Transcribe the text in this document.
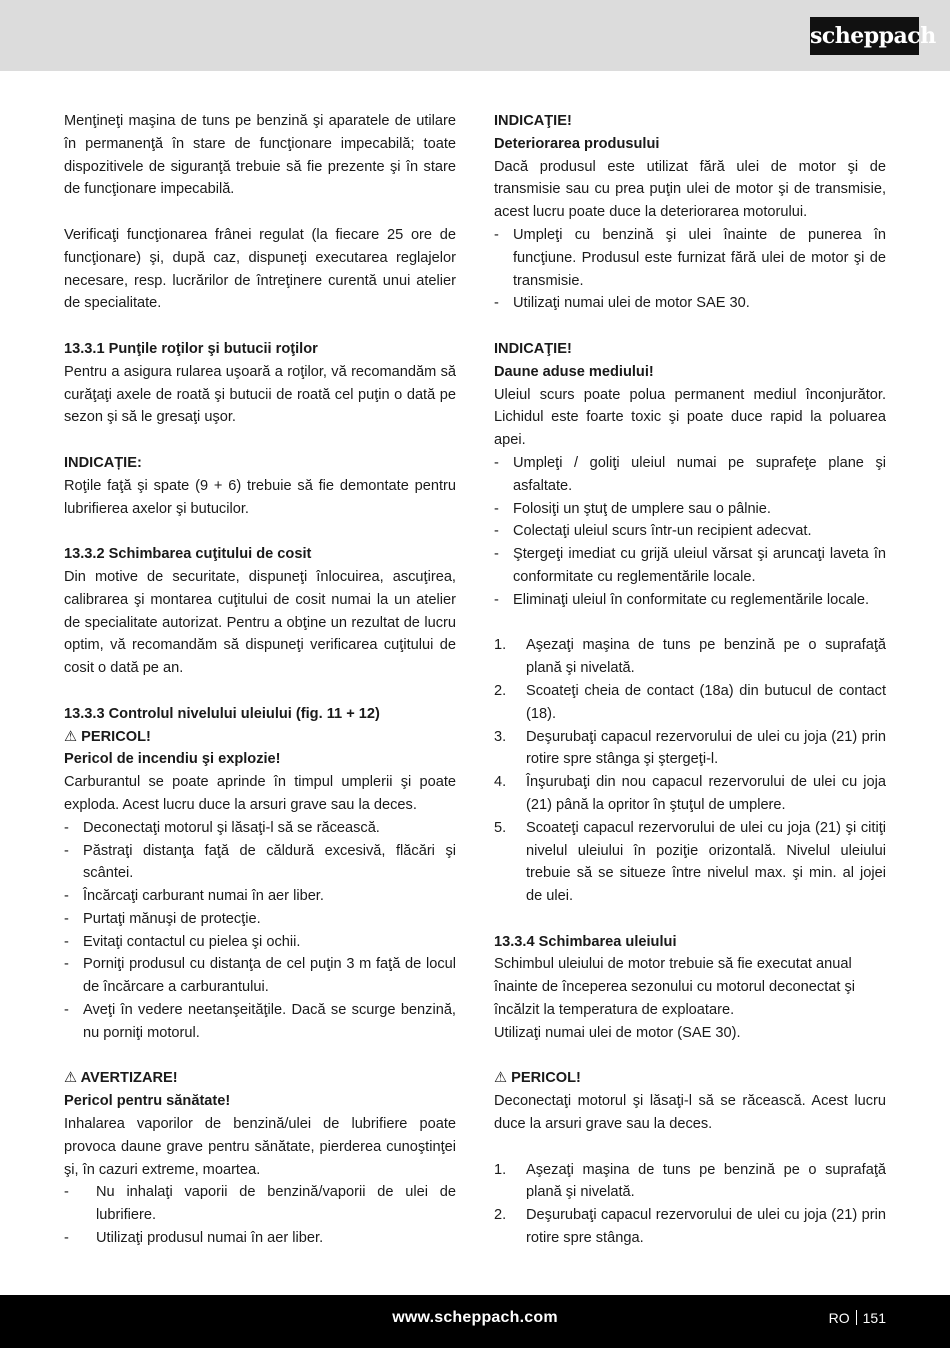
scheppach

Menţineţi maşina de tuns pe benzină şi aparatele de utilare în permanenţă în stare de funcţionare impecabilă; toate dispozitivele de siguranţă trebuie să fie prezente şi în stare de funcţionare impecabilă.

Verificaţi funcţionarea frânei regulat (la fiecare 25 ore de funcţionare) şi, după caz, dispuneţi executarea reglajelor necesare, resp. lucrărilor de întreţinere curentă unui atelier de specialitate.

13.3.1 Punţile roţilor şi butucii roţilor

Pentru a asigura rularea uşoară a roţilor, vă recomandăm să curăţaţi axele de roată şi butucii de roată cel puţin o dată pe sezon şi să le gresaţi uşor.

INDICAȚIE:

Roţile faţă şi spate (9 + 6) trebuie să fie demontate pentru lubrifierea axelor şi butucilor.

13.3.2 Schimbarea cuţitului de cosit

Din motive de securitate, dispuneţi înlocuirea, ascuţirea, calibrarea şi montarea cuţitului de cosit numai la un atelier de specialitate autorizat. Pentru a obţine un rezultat de lucru optim, vă recomandăm să dispuneţi verificarea cuţitului de cosit o dată pe an.

13.3.3 Controlul nivelului uleiului (fig. 11 + 12)
⚠ PERICOL!
Pericol de incendiu şi explozie!

Carburantul se poate aprinde în timpul umplerii şi poate exploda. Acest lucru duce la arsuri grave sau la deces.

- Deconectaţi motorul şi lăsaţi-l să se răcească.
- Păstraţi distanţa faţă de căldură excesivă, flăcări şi scântei.
- Încărcaţi carburant numai în aer liber.
- Purtaţi mănuşi de protecţie.
- Evitaţi contactul cu pielea şi ochii.
- Porniţi produsul cu distanţa de cel puţin 3 m faţă de locul de încărcare a carburantului.
- Aveţi în vedere neetanşeităţile. Dacă se scurge benzină, nu porniţi motorul.
⚠ AVERTIZARE!
Pericol pentru sănătate!

Inhalarea vaporilor de benzină/ulei de lubrifiere poate provoca daune grave pentru sănătate, pierderea cunoştinţei şi, în cazuri extreme, moartea.

- Nu inhalaţi vaporii de benzină/vaporii de ulei de lubrifiere.
- Utilizaţi produsul numai în aer liber.
INDICAŢIE!
Deteriorarea produsului

Dacă produsul este utilizat fără ulei de motor şi de transmisie sau cu prea puţin ulei de motor şi de transmisie, acest lucru poate duce la deteriorarea motorului.

- Umpleţi cu benzină şi ulei înainte de punerea în funcţiune. Produsul este furnizat fără ulei de motor şi de transmisie.
- Utilizaţi numai ulei de motor SAE 30.
INDICAŢIE!
Daune aduse mediului!

Uleiul scurs poate polua permanent mediul înconjurător. Lichidul este foarte toxic şi poate duce rapid la poluarea apei.

- Umpleţi / goliţi uleiul numai pe suprafeţe plane şi asfaltate.
- Folosiţi un ştuţ de umplere sau o pâlnie.
- Colectaţi uleiul scurs într-un recipient adecvat.
- Ştergeţi imediat cu grijă uleiul vărsat şi aruncaţi laveta în conformitate cu reglementările locale.
- Eliminaţi uleiul în conformitate cu reglementările locale.
1. Aşezaţi maşina de tuns pe benzină pe o suprafaţă plană şi nivelată.
2. Scoateţi cheia de contact (18a) din butucul de contact (18).
3. Deşurubaţi capacul rezervorului de ulei cu joja (21) prin rotire spre stânga şi ştergeţi-l.
4. Înşurubaţi din nou capacul rezervorului de ulei cu joja (21) până la opritor în ştuţul de umplere.
5. Scoateţi capacul rezervorului de ulei cu joja (21) şi citiţi nivelul uleiului în poziţie orizontală. Nivelul uleiului trebuie să se situeze între nivelul max. şi min. al jojei de ulei.
13.3.4 Schimbarea uleiului

Schimbul uleiului de motor trebuie să fie executat anual înainte de începerea sezonului cu motorul deconectat şi încălzit la temperatura de exploatare.

Utilizaţi numai ulei de motor (SAE 30).

⚠ PERICOL!

Deconectaţi motorul şi lăsaţi-l să se răcească. Acest lucru duce la arsuri grave sau la deces.

1. Aşezaţi maşina de tuns pe benzină pe o suprafaţă plană şi nivelată.
2. Deşurubaţi capacul rezervorului de ulei cu joja (21) prin rotire spre stânga.
www.scheppach.com	RO 151
